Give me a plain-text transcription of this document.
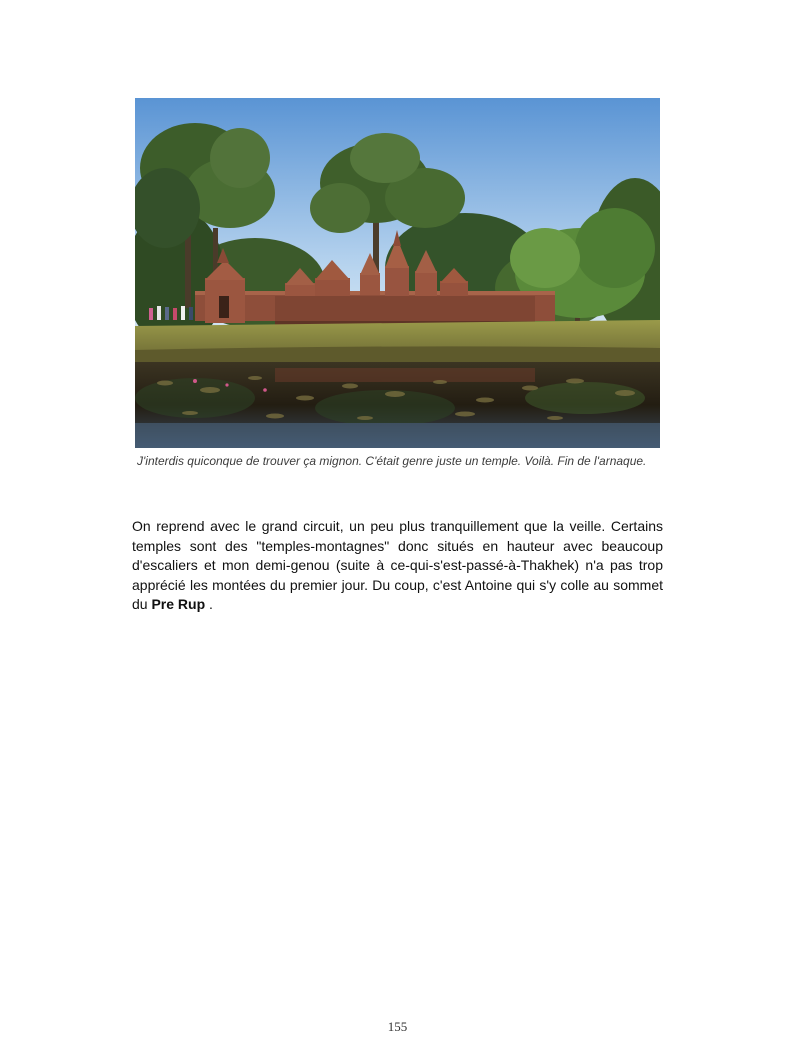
J'interdis quiconque de trouver ça mignon. C'était genre juste un temple. Voilà. Fin de l'arnaque.

On reprend avec le grand circuit, un peu plus tranquillement que la veille. Certains temples sont des "temples-montagnes" donc situés en hauteur avec beaucoup d'escaliers et mon demi-genou (suite à ce-qui-s'est-passé-à-Thakhek) n'a pas trop apprécié les montées du premier jour. Du coup, c'est Antoine qui s'y colle au sommet du Pre Rup .

155
